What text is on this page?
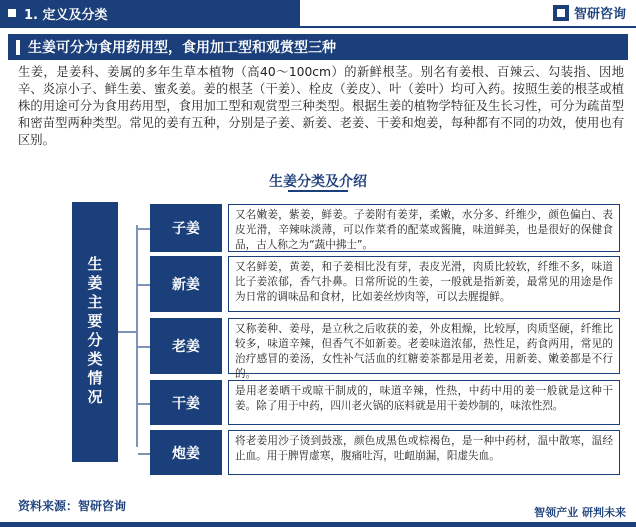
1. 定义及分类	智研咨询
生姜可分为食用药用型，食用加工型和观赏型三种
生姜，是姜科、姜属的多年生草本植物（高40～100cm）的新鲜根茎。别名有姜根、百辣云、勾装指、因地辛、炎凉小子、鲜生姜、蜜炙姜。姜的根茎（干姜）、栓皮（姜皮）、叶（姜叶）均可入药。按照生姜的根茎或植株的用途可分为食用药用型，食用加工型和观赏型三种类型。根据生姜的植物学特征及生长习性，可分为疏苗型和密苗型两种类型。常见的姜有五种，分别是子姜、新姜、老姜、干姜和炮姜，每种都有不同的功效，使用也有区别。
生姜分类及介绍
生姜主要分类情况
子姜
又名嫩姜，紫姜，鲜姜。子姜附有姜芽，柔嫩，水分多、纤维少，颜色偏白、表皮光滑，辛辣味淡薄，可以作菜肴的配菜或酱腌，味道鲜美，也是很好的保健食品，古人称之为“蔬中拂士”。
新姜
又名鲜姜，黄姜，和子姜相比没有芽，表皮光滑，肉质比较软，纤维不多，味道比子姜浓郁，香气扑鼻。日常所说的生姜，一般就是指新姜，最常见的用途是作为日常的调味品和食材，比如姜丝炒肉等，可以去腥提鲜。
老姜
又称姜种、姜母，是立秋之后收获的姜，外皮粗燥，比较厚，肉质坚硬，纤维比较多，味道辛辣，但香气不如新姜。老姜味道浓郁，热性足，药食两用，常见的治疗感冒的姜汤，女性补气活血的红糖姜茶都是用老姜，用新姜、嫩姜都是不行的。
干姜
是用老姜晒干或晾干制成的，味道辛辣，性热，中药中用的姜一般就是这种干姜。除了用于中药，四川老火锅的底料就是用干姜炒制的，味浓性烈。
炮姜
将老姜用沙子烫到鼓涨，颜色成黑色或棕褐色，是一种中药材，温中散寒，温经止血。用于脾胃虚寒，腹痛吐泻，吐衄崩漏，阳虚失血。
资料来源：智研咨询	智领产业 研判未来
